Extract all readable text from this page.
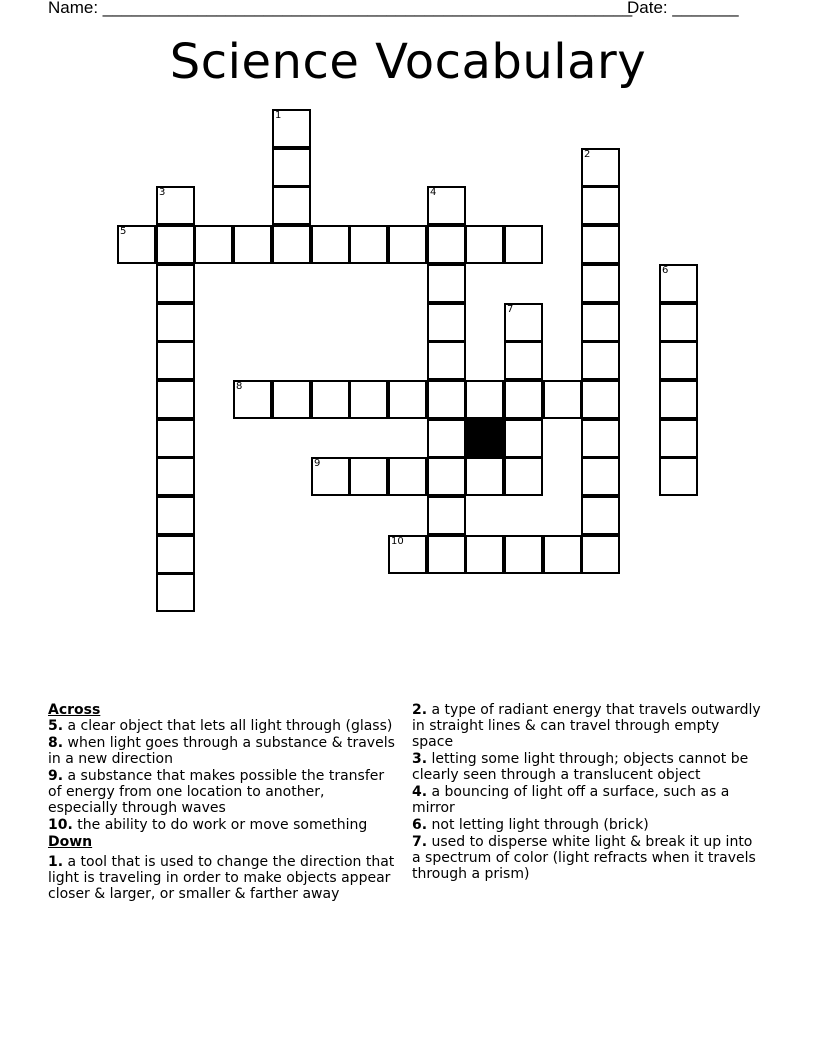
Name: ________________________________________________________
Date: _______
Science Vocabulary
1
2
3	4
5
6
7
8
9
10
Across
5. a clear object that lets all light through (glass)
8. when light goes through a substance & travels in a new direction
9. a substance that makes possible the transfer of energy from one location to another, especially through waves
10. the ability to do work or move something
Down
1. a tool that is used to change the direction that light is traveling in order to make objects appear closer & larger, or smaller & farther away
2. a type of radiant energy that travels outwardly in straight lines & can travel through empty space
3. letting some light through; objects cannot be clearly seen through a translucent object
4. a bouncing of light off a surface, such as a mirror
6. not letting light through (brick)
7. used to disperse white light & break it up into a spectrum of color (light refracts when it travels through a prism)
